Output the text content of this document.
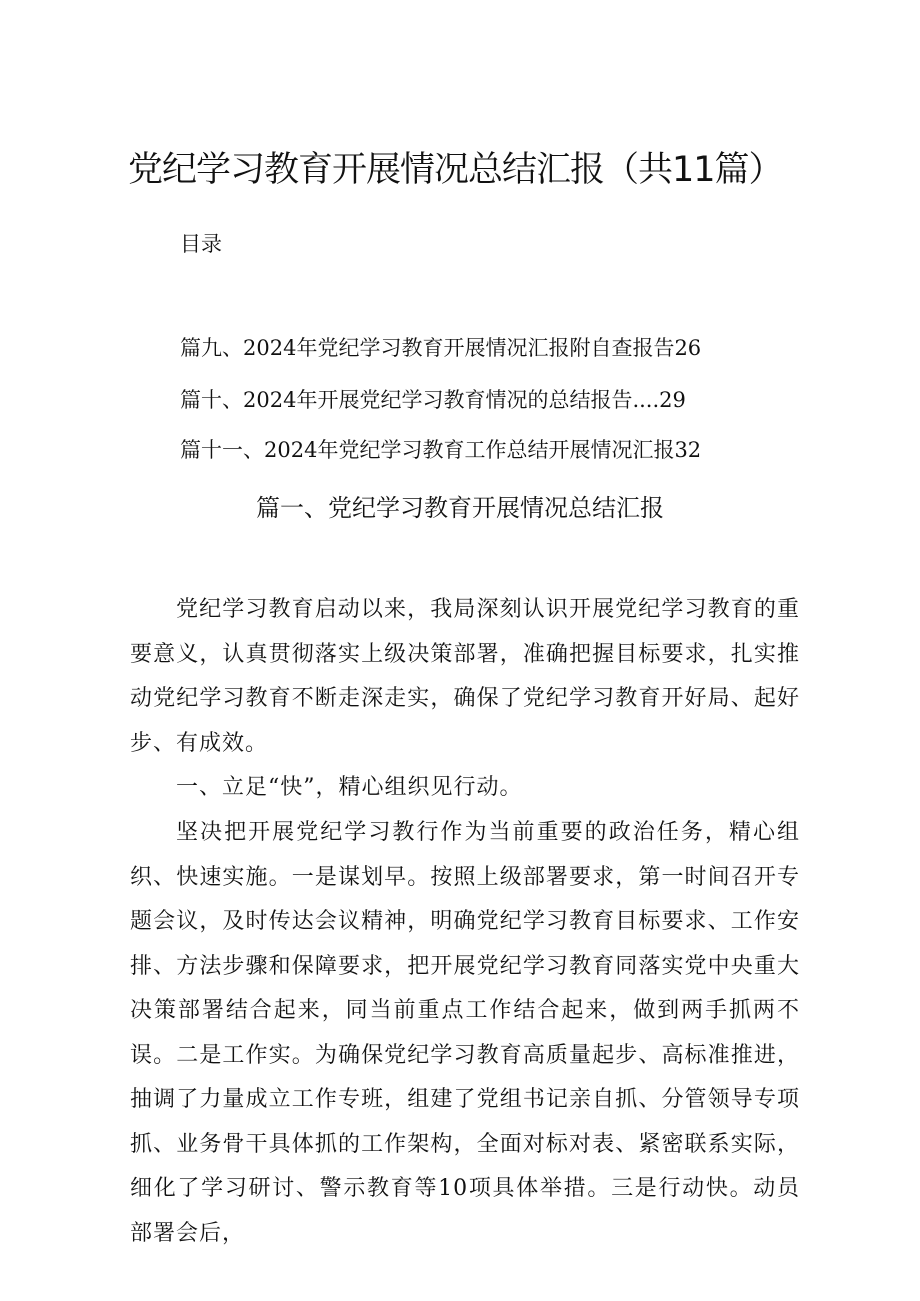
党纪学习教育开展情况总结汇报（共11篇）
目录
篇九、2024年党纪学习教育开展情况汇报附自查报告26
篇十、2024年开展党纪学习教育情况的总结报告....29
篇十一、2024年党纪学习教育工作总结开展情况汇报32
篇一、党纪学习教育开展情况总结汇报

党纪学习教育启动以来，我局深刻认识开展党纪学习教育的重要意义，认真贯彻落实上级决策部署，准确把握目标要求，扎实推动党纪学习教育不断走深走实，确保了党纪学习教育开好局、起好步、有成效。

一、立足“快”，精心组织见行动。

坚决把开展党纪学习教行作为当前重要的政治任务，精心组织、快速实施。一是谋划早。按照上级部署要求，第一时间召开专题会议，及时传达会议精神，明确党纪学习教育目标要求、工作安排、方法步骤和保障要求，把开展党纪学习教育同落实党中央重大决策部署结合起来，同当前重点工作结合起来，做到两手抓两不误。二是工作实。为确保党纪学习教育高质量起步、高标准推进，抽调了力量成立工作专班，组建了党组书记亲自抓、分管领导专项抓、业务骨干具体抓的工作架构，全面对标对表、紧密联系实际，细化了学习研讨、警示教育等10项具体举措。三是行动快。动员部署会后，
